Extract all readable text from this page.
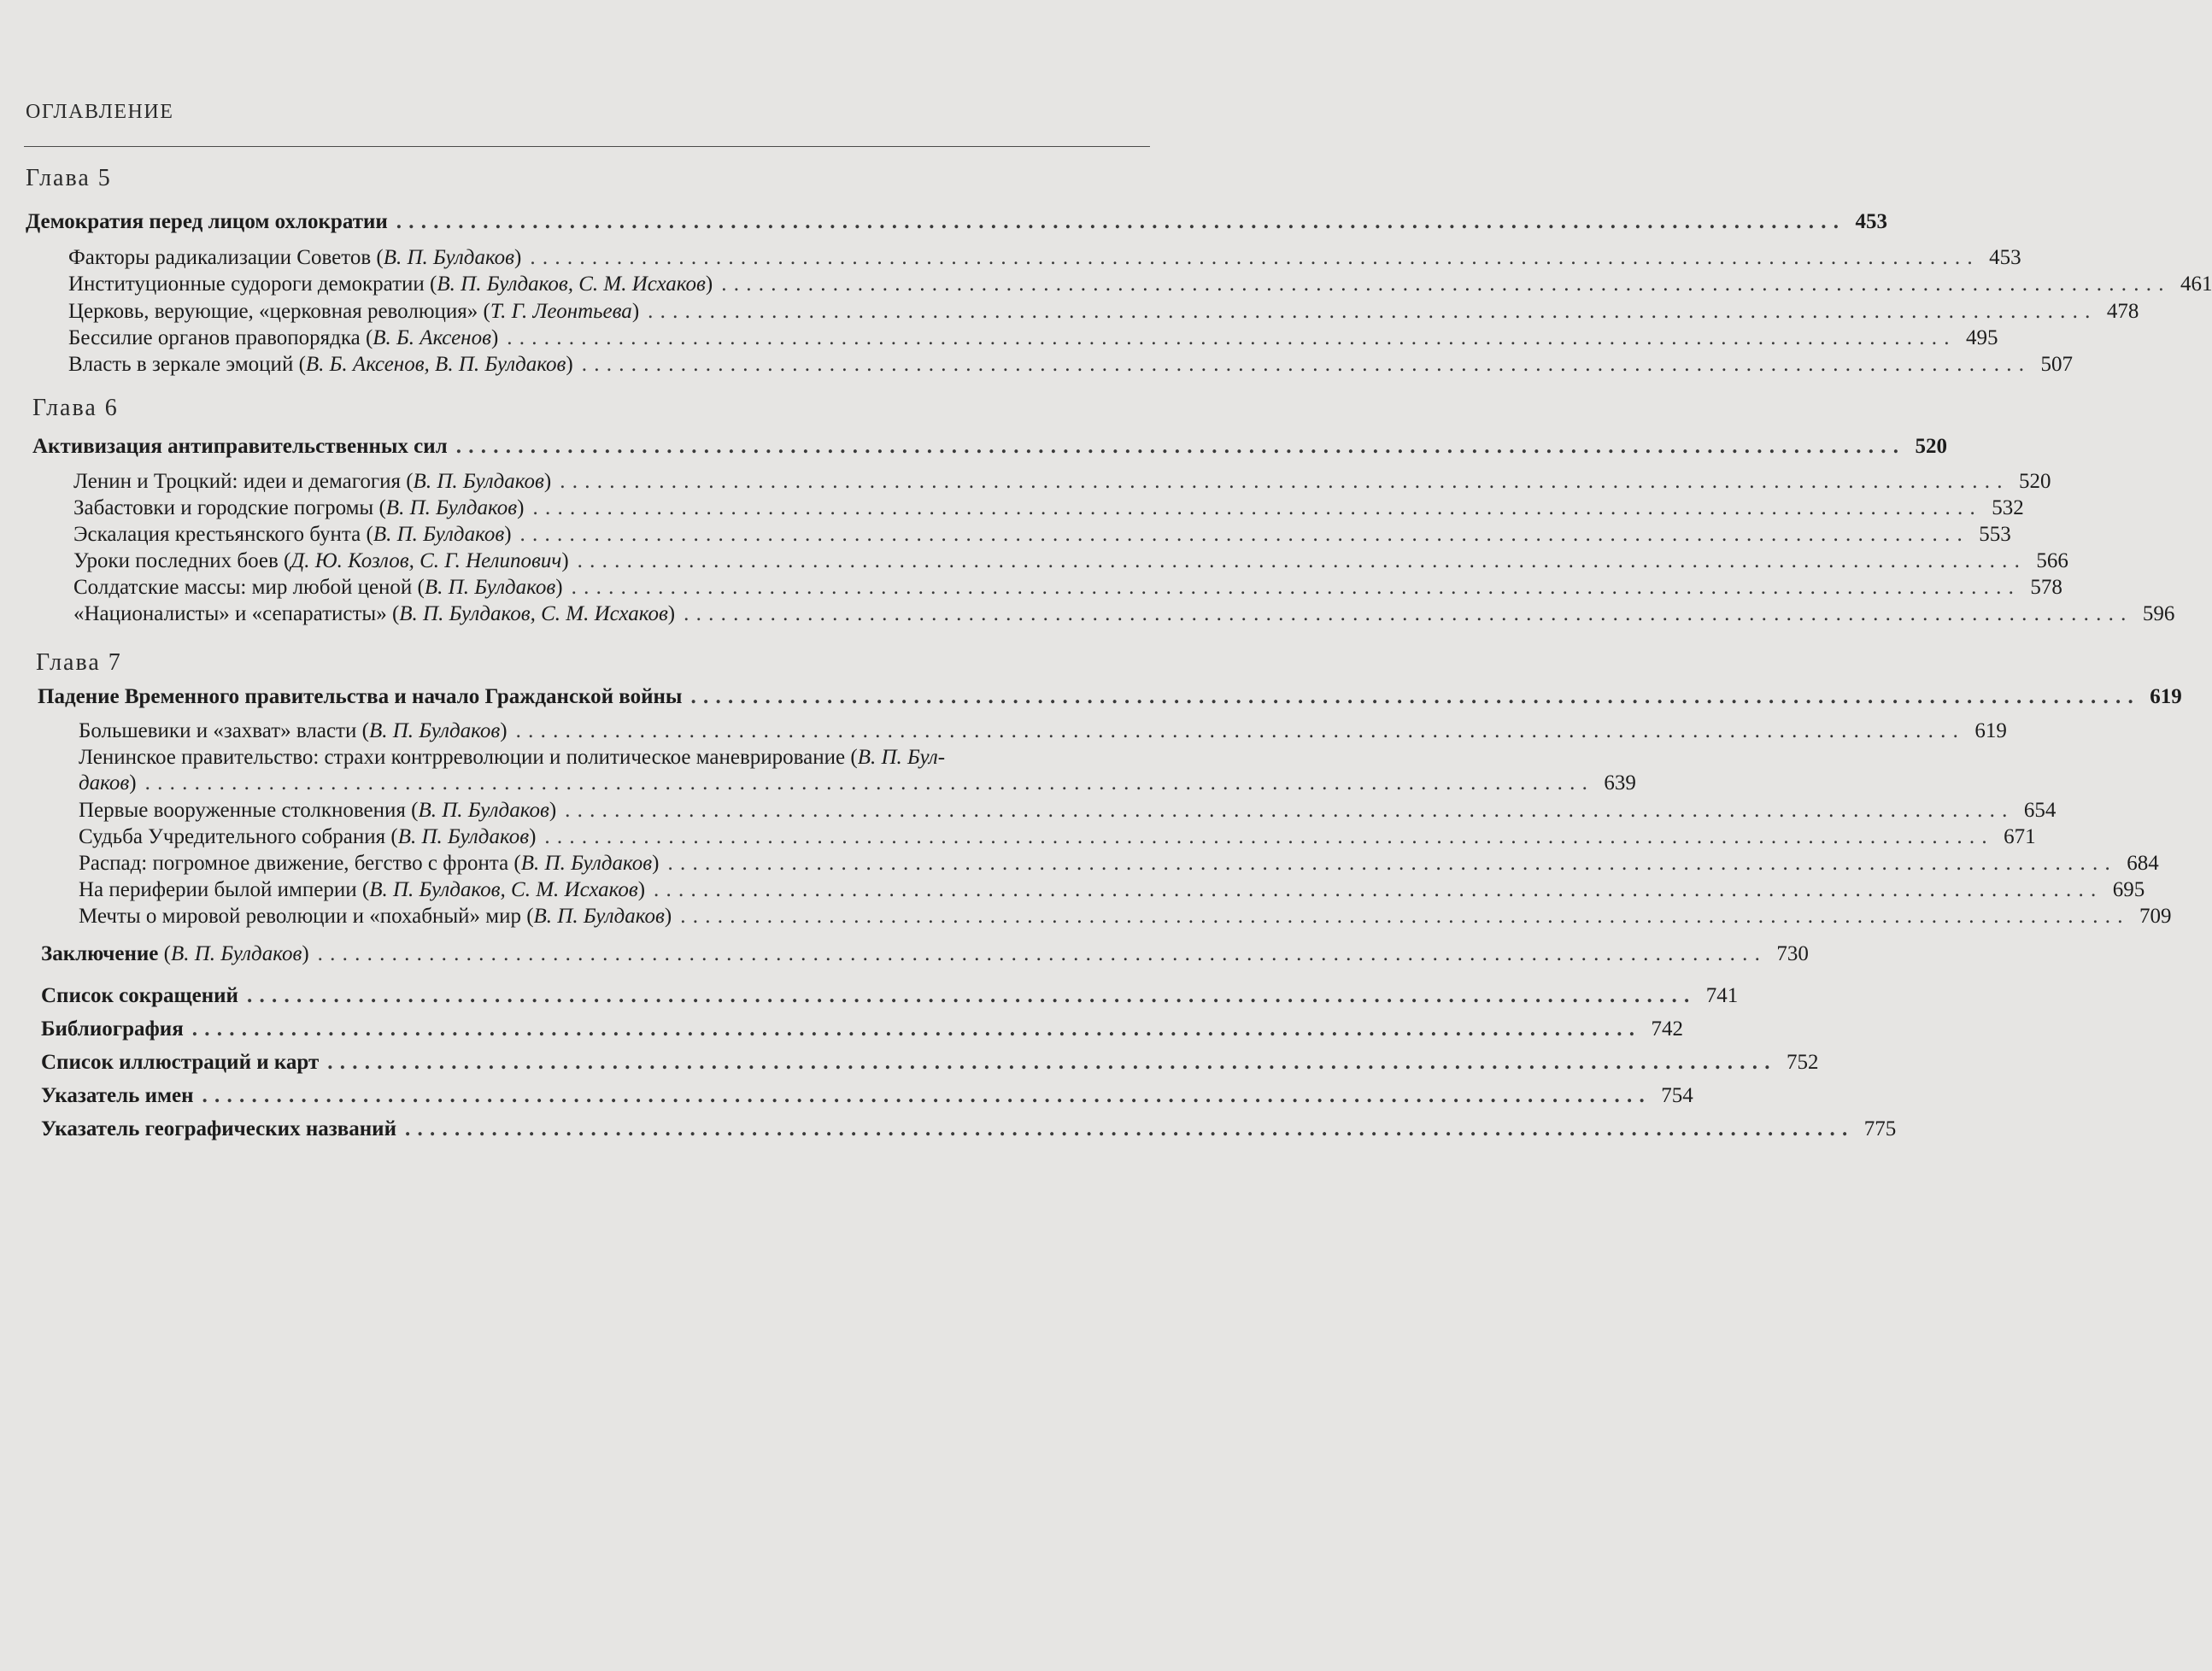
ОГЛАВЛЕНИЕ
Глава 5
Демократия перед лицом охлократии . . . . . . . . . . . . . . . . . . . . . . . . . . . . . . . . . . . . . . . . . . . . . . . . . . . . . . . . . . . . . . . . . . . . . . . . . . . . . . . . . . . . . . . . . . . . . . . . . . . . . . . . . . . . . . . . . . . . . 453
Факторы радикализации Советов (В. П. Булдаков) . . . . . . . . . . . . . . . . . . . . . . . . . . . . . . . . . . . . . . . . . . . . . . . . . . . . . . . . . . . . . . . . . . . . . . . . . . . . . . . . . . . . . . . . . . . . . . . . . . . . . . . . . . . . . . . . . . . . . 453
Институционные судороги демократии (В. П. Булдаков, С. М. Исхаков) . . . . . . . . . . . . . . . . . . . . . . . . . . . . . . . . . . . . . . . . . . . . . . . . . . . . . . . . . . . . . . . . . . . . . . . . . . . . . . . . . . . . . . . . . . . . . . . . . . . . . . . . . . . . . . . . . . . . . 461
Церковь, верующие, «церковная революция» (Т. Г. Леонтьева) . . . . . . . . . . . . . . . . . . . . . . . . . . . . . . . . . . . . . . . . . . . . . . . . . . . . . . . . . . . . . . . . . . . . . . . . . . . . . . . . . . . . . . . . . . . . . . . . . . . . . . . . . . . . . . . . . . . . . 478
Бессилие органов правопорядка (В. Б. Аксенов) . . . . . . . . . . . . . . . . . . . . . . . . . . . . . . . . . . . . . . . . . . . . . . . . . . . . . . . . . . . . . . . . . . . . . . . . . . . . . . . . . . . . . . . . . . . . . . . . . . . . . . . . . . . . . . . . . . . . . 495
Власть в зеркале эмоций (В. Б. Аксенов, В. П. Булдаков) . . . . . . . . . . . . . . . . . . . . . . . . . . . . . . . . . . . . . . . . . . . . . . . . . . . . . . . . . . . . . . . . . . . . . . . . . . . . . . . . . . . . . . . . . . . . . . . . . . . . . . . . . . . . . . . . . . . . . 507
Глава 6
Активизация антиправительственных сил . . . . . . . . . . . . . . . . . . . . . . . . . . . . . . . . . . . . . . . . . . . . . . . . . . . . . . . . . . . . . . . . . . . . . . . . . . . . . . . . . . . . . . . . . . . . . . . . . . . . . . . . . . . . . . . . . . . . . 520
Ленин и Троцкий: идеи и демагогия (В. П. Булдаков) . . . . . . . . . . . . . . . . . . . . . . . . . . . . . . . . . . . . . . . . . . . . . . . . . . . . . . . . . . . . . . . . . . . . . . . . . . . . . . . . . . . . . . . . . . . . . . . . . . . . . . . . . . . . . . . . . . . . . 520
Забастовки и городские погромы (В. П. Булдаков) . . . . . . . . . . . . . . . . . . . . . . . . . . . . . . . . . . . . . . . . . . . . . . . . . . . . . . . . . . . . . . . . . . . . . . . . . . . . . . . . . . . . . . . . . . . . . . . . . . . . . . . . . . . . . . . . . . . . . 532
Эскалация крестьянского бунта (В. П. Булдаков) . . . . . . . . . . . . . . . . . . . . . . . . . . . . . . . . . . . . . . . . . . . . . . . . . . . . . . . . . . . . . . . . . . . . . . . . . . . . . . . . . . . . . . . . . . . . . . . . . . . . . . . . . . . . . . . . . . . . . 553
Уроки последних боев (Д. Ю. Козлов, С. Г. Нелипович) . . . . . . . . . . . . . . . . . . . . . . . . . . . . . . . . . . . . . . . . . . . . . . . . . . . . . . . . . . . . . . . . . . . . . . . . . . . . . . . . . . . . . . . . . . . . . . . . . . . . . . . . . . . . . . . . . . . . . 566
Солдатские массы: мир любой ценой (В. П. Булдаков) . . . . . . . . . . . . . . . . . . . . . . . . . . . . . . . . . . . . . . . . . . . . . . . . . . . . . . . . . . . . . . . . . . . . . . . . . . . . . . . . . . . . . . . . . . . . . . . . . . . . . . . . . . . . . . . . . . . . . 578
«Националисты» и «сепаратисты» (В. П. Булдаков, С. М. Исхаков) . . . . . . . . . . . . . . . . . . . . . . . . . . . . . . . . . . . . . . . . . . . . . . . . . . . . . . . . . . . . . . . . . . . . . . . . . . . . . . . . . . . . . . . . . . . . . . . . . . . . . . . . . . . . . . . . . . . . . 596
Глава 7
Падение Временного правительства и начало Гражданской войны . . . . . . . . . . . . . . . . . . . . . . . . . . . . . . . . . . . . . . . . . . . . . . . . . . . . . . . . . . . . . . . . . . . . . . . . . . . . . . . . . . . . . . . . . . . . . . . . . . . . . . . . . . . . . . . . . . . . . 619
Большевики и «захват» власти (В. П. Булдаков) . . . . . . . . . . . . . . . . . . . . . . . . . . . . . . . . . . . . . . . . . . . . . . . . . . . . . . . . . . . . . . . . . . . . . . . . . . . . . . . . . . . . . . . . . . . . . . . . . . . . . . . . . . . . . . . . . . . . . 619
Ленинское правительство: страхи контрреволюции и политическое маневрирование (В. П. Бул-
даков) . . . . . . . . . . . . . . . . . . . . . . . . . . . . . . . . . . . . . . . . . . . . . . . . . . . . . . . . . . . . . . . . . . . . . . . . . . . . . . . . . . . . . . . . . . . . . . . . . . . . . . . . . . . . . . . . . . . . . 639
Первые вооруженные столкновения (В. П. Булдаков) . . . . . . . . . . . . . . . . . . . . . . . . . . . . . . . . . . . . . . . . . . . . . . . . . . . . . . . . . . . . . . . . . . . . . . . . . . . . . . . . . . . . . . . . . . . . . . . . . . . . . . . . . . . . . . . . . . . . . 654
Судьба Учредительного собрания (В. П. Булдаков) . . . . . . . . . . . . . . . . . . . . . . . . . . . . . . . . . . . . . . . . . . . . . . . . . . . . . . . . . . . . . . . . . . . . . . . . . . . . . . . . . . . . . . . . . . . . . . . . . . . . . . . . . . . . . . . . . . . . . 671
Распад: погромное движение, бегство с фронта (В. П. Булдаков) . . . . . . . . . . . . . . . . . . . . . . . . . . . . . . . . . . . . . . . . . . . . . . . . . . . . . . . . . . . . . . . . . . . . . . . . . . . . . . . . . . . . . . . . . . . . . . . . . . . . . . . . . . . . . . . . . . . . . 684
На периферии былой империи (В. П. Булдаков, С. М. Исхаков) . . . . . . . . . . . . . . . . . . . . . . . . . . . . . . . . . . . . . . . . . . . . . . . . . . . . . . . . . . . . . . . . . . . . . . . . . . . . . . . . . . . . . . . . . . . . . . . . . . . . . . . . . . . . . . . . . . . . . 695
Мечты о мировой революции и «похабный» мир (В. П. Булдаков) . . . . . . . . . . . . . . . . . . . . . . . . . . . . . . . . . . . . . . . . . . . . . . . . . . . . . . . . . . . . . . . . . . . . . . . . . . . . . . . . . . . . . . . . . . . . . . . . . . . . . . . . . . . . . . . . . . . . . 709
Заключение (В. П. Булдаков) . . . . . . . . . . . . . . . . . . . . . . . . . . . . . . . . . . . . . . . . . . . . . . . . . . . . . . . . . . . . . . . . . . . . . . . . . . . . . . . . . . . . . . . . . . . . . . . . . . . . . . . . . . . . . . . . . . . . . 730
Список сокращений . . . . . . . . . . . . . . . . . . . . . . . . . . . . . . . . . . . . . . . . . . . . . . . . . . . . . . . . . . . . . . . . . . . . . . . . . . . . . . . . . . . . . . . . . . . . . . . . . . . . . . . . . . . . . . . . . . . . . 741
Библиография . . . . . . . . . . . . . . . . . . . . . . . . . . . . . . . . . . . . . . . . . . . . . . . . . . . . . . . . . . . . . . . . . . . . . . . . . . . . . . . . . . . . . . . . . . . . . . . . . . . . . . . . . . . . . . . . . . . . . 742
Список иллюстраций и карт . . . . . . . . . . . . . . . . . . . . . . . . . . . . . . . . . . . . . . . . . . . . . . . . . . . . . . . . . . . . . . . . . . . . . . . . . . . . . . . . . . . . . . . . . . . . . . . . . . . . . . . . . . . . . . . . . . . . . 752
Указатель имен . . . . . . . . . . . . . . . . . . . . . . . . . . . . . . . . . . . . . . . . . . . . . . . . . . . . . . . . . . . . . . . . . . . . . . . . . . . . . . . . . . . . . . . . . . . . . . . . . . . . . . . . . . . . . . . . . . . . . 754
Указатель географических названий . . . . . . . . . . . . . . . . . . . . . . . . . . . . . . . . . . . . . . . . . . . . . . . . . . . . . . . . . . . . . . . . . . . . . . . . . . . . . . . . . . . . . . . . . . . . . . . . . . . . . . . . . . . . . . . . . . . . . 775
